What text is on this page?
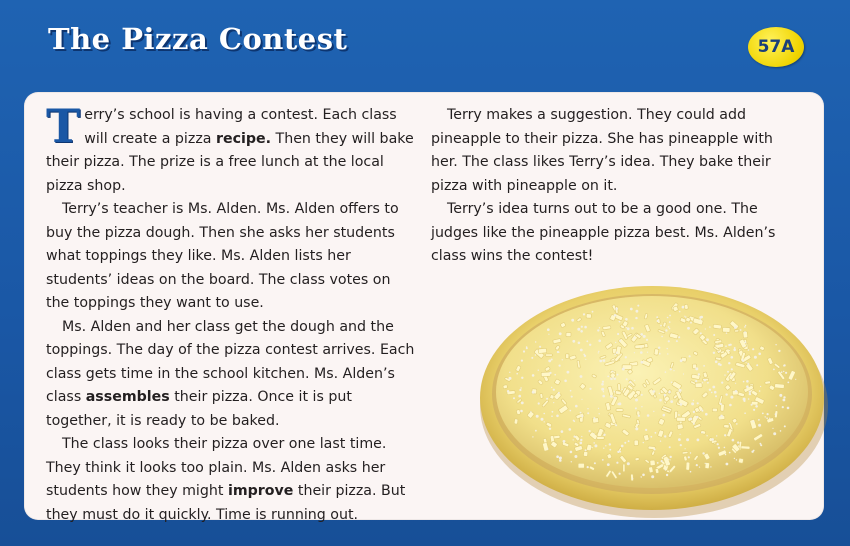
The Pizza Contest	57A

Terry’s school is having a contest. Each class will create a pizza recipe. Then they will bake their pizza. The prize is a free lunch at the local pizza shop.

Terry’s teacher is Ms. Alden. Ms. Alden offers to buy the pizza dough. Then she asks her students what toppings they like. Ms. Alden lists her students’ ideas on the board. The class votes on the toppings they want to use.

Ms. Alden and her class get the dough and the toppings. The day of the pizza contest arrives. Each class gets time in the school kitchen. Ms. Alden’s class assembles their pizza. Once it is put together, it is ready to be baked.

The class looks their pizza over one last time. They think it looks too plain. Ms. Alden asks her students how they might improve their pizza. But they must do it quickly. Time is running out.

Terry makes a suggestion. They could add pineapple to their pizza. She has pineapple with her. The class likes Terry’s idea. They bake their pizza with pineapple on it.

Terry’s idea turns out to be a good one. The judges like the pineapple pizza best. Ms. Alden’s class wins the contest!
